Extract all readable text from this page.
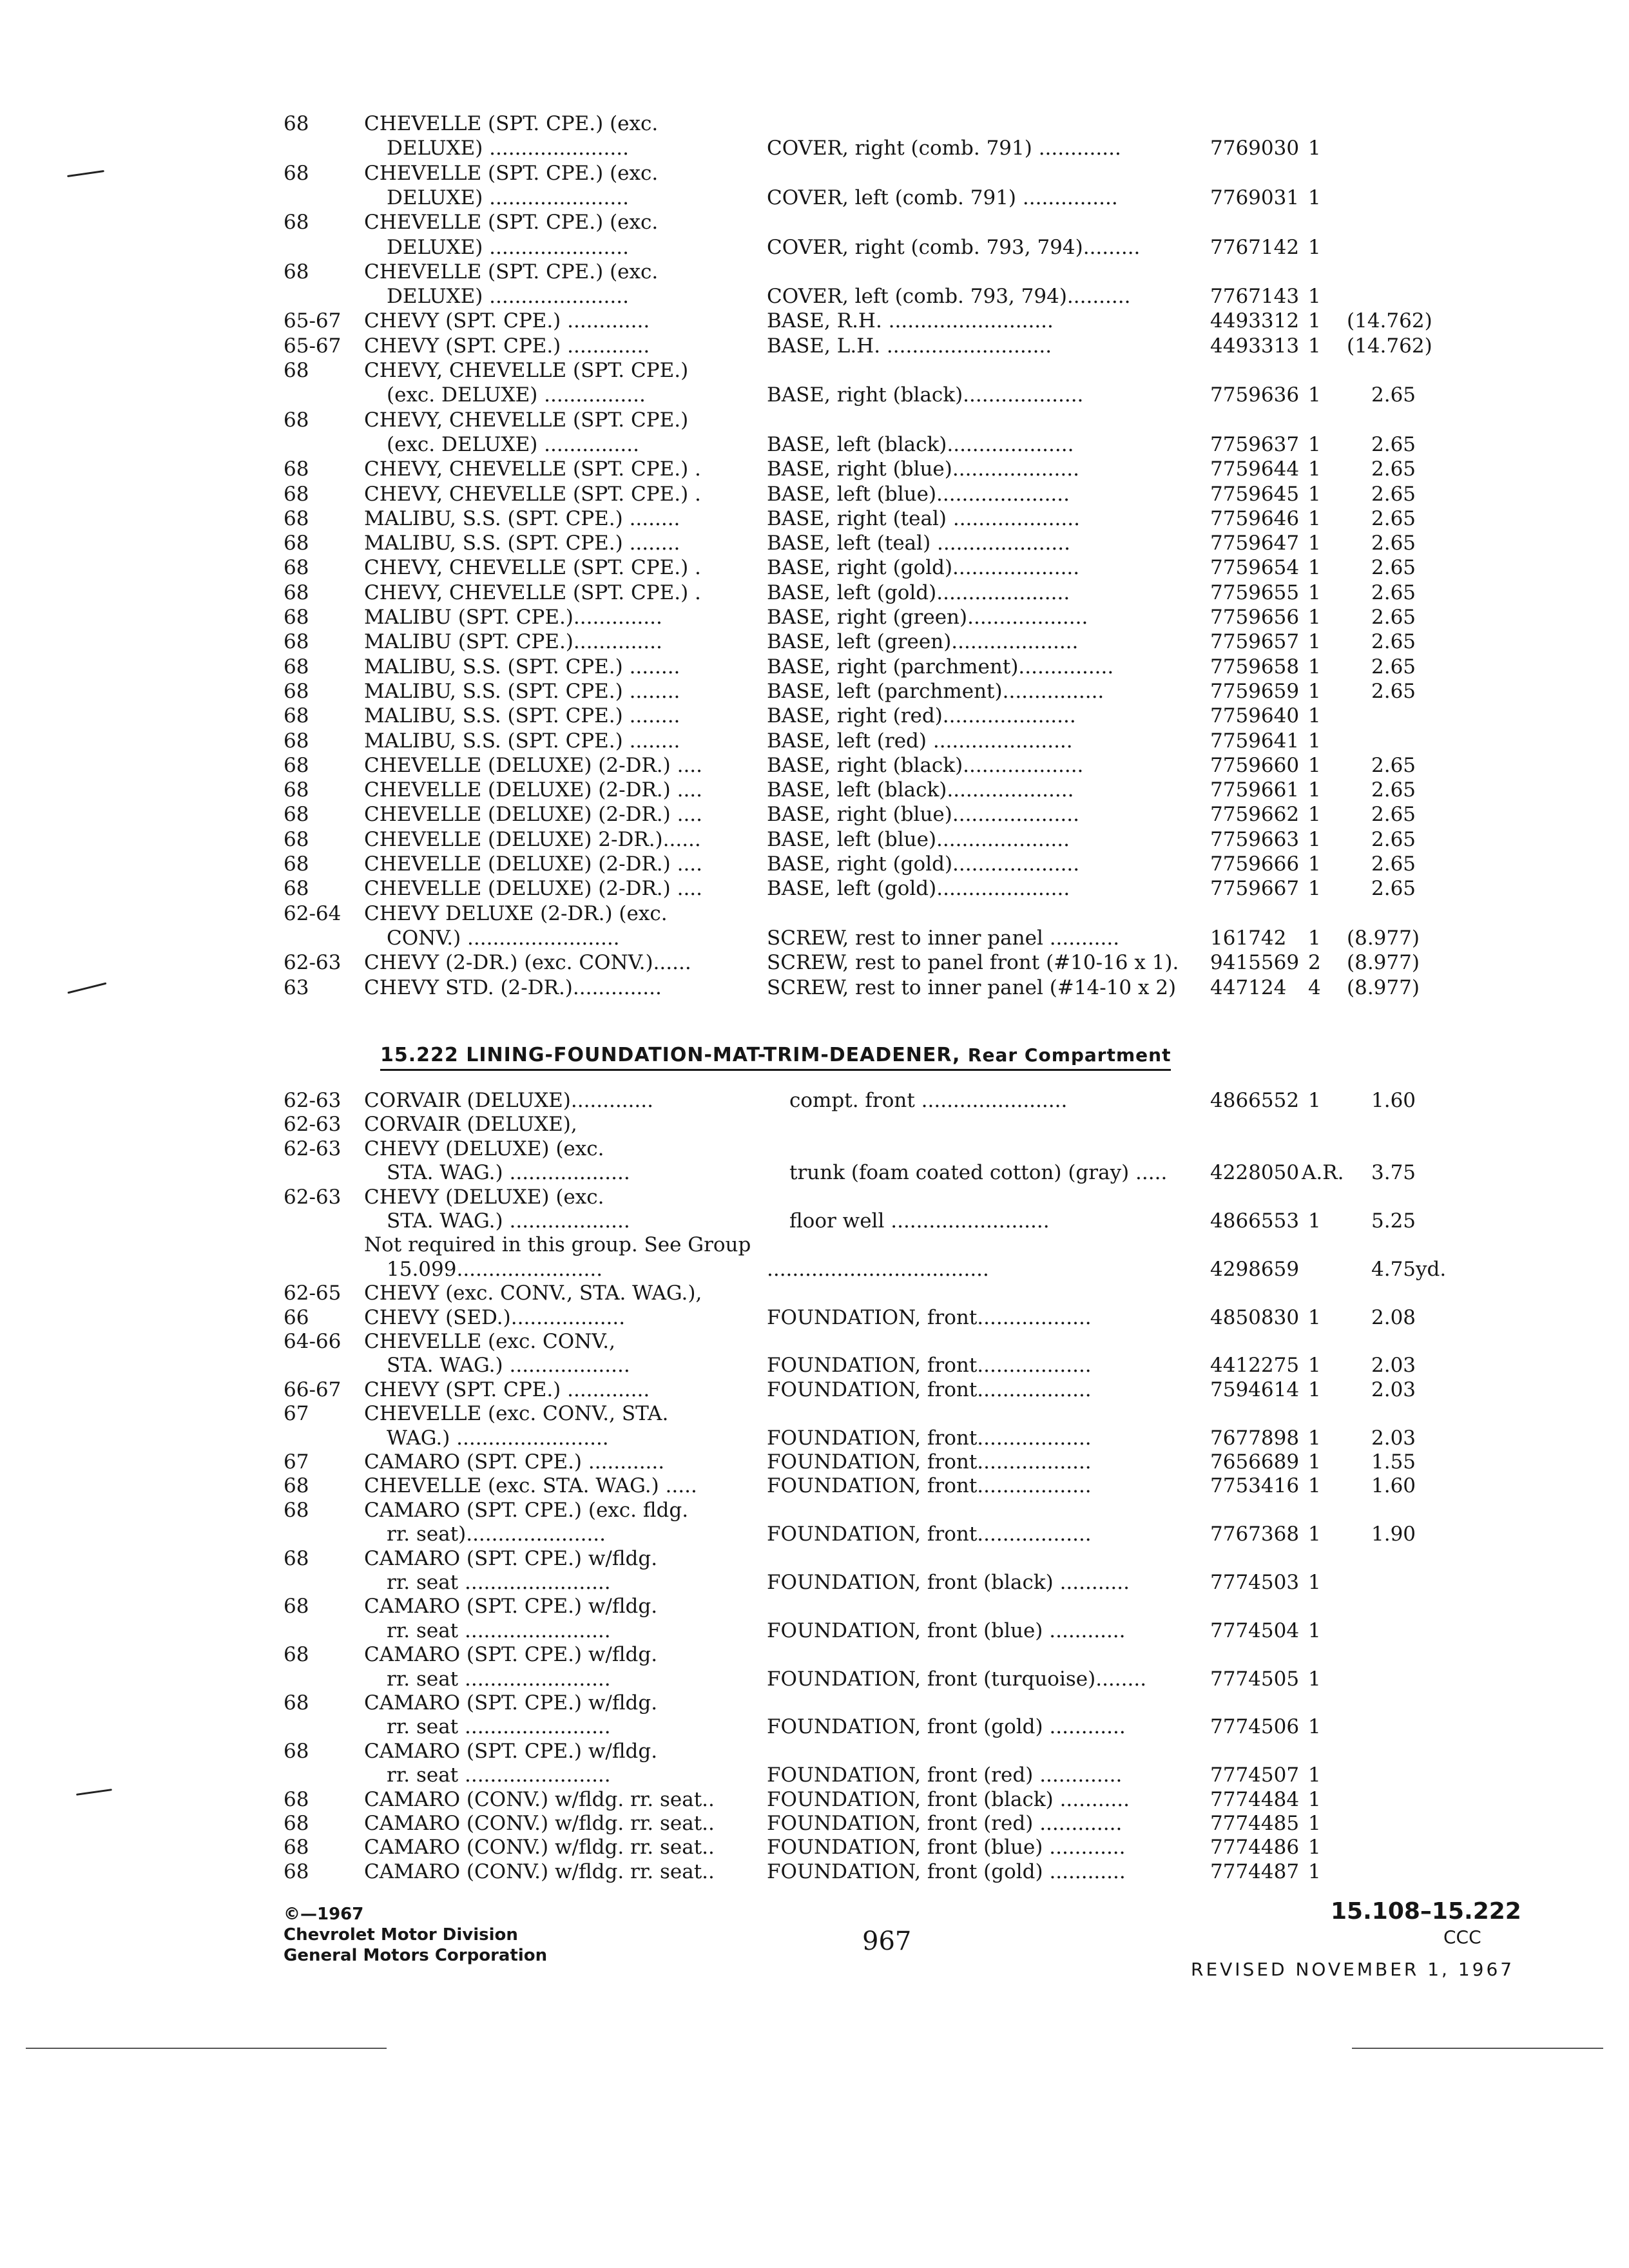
68	CHEVELLE (SPT. CPE.) (exc.
DELUXE) ......................	COVER, right (comb. 791) .............	7769030 1
68	CHEVELLE (SPT. CPE.) (exc.
DELUXE) ......................	COVER, left (comb. 791) ...............	7769031 1
68	CHEVELLE (SPT. CPE.) (exc.
DELUXE) ......................	COVER, right (comb. 793, 794).........	7767142 1
68	CHEVELLE (SPT. CPE.) (exc.
DELUXE) ......................	COVER, left (comb. 793, 794)..........	7767143 1
65-67 CHEVY (SPT. CPE.) .............	BASE, R.H. ..........................	4493312 1 (14.762)
65-67 CHEVY (SPT. CPE.) .............	BASE, L.H. ..........................	4493313 1 (14.762)
68	CHEVY, CHEVELLE (SPT. CPE.)
(exc. DELUXE) ................	BASE, right (black)...................	7759636 1	2.65
68	CHEVY, CHEVELLE (SPT. CPE.)
(exc. DELUXE) ...............	BASE, left (black)....................	7759637 1	2.65
68	CHEVY, CHEVELLE (SPT. CPE.) .	BASE, right (blue)....................	7759644 1	2.65
68	CHEVY, CHEVELLE (SPT. CPE.) .	BASE, left (blue).....................	7759645 1	2.65
68	MALIBU, S.S. (SPT. CPE.) ........	BASE, right (teal) ....................	7759646 1	2.65
68	MALIBU, S.S. (SPT. CPE.) ........	BASE, left (teal) .....................	7759647 1	2.65
68	CHEVY, CHEVELLE (SPT. CPE.) .	BASE, right (gold)....................	7759654 1	2.65
68	CHEVY, CHEVELLE (SPT. CPE.) .	BASE, left (gold).....................	7759655 1	2.65
68	MALIBU (SPT. CPE.)..............	BASE, right (green)...................	7759656 1	2.65
68	MALIBU (SPT. CPE.)..............	BASE, left (green)....................	7759657 1	2.65
68	MALIBU, S.S. (SPT. CPE.) ........	BASE, right (parchment)...............	7759658 1	2.65
68	MALIBU, S.S. (SPT. CPE.) ........	BASE, left (parchment)................	7759659 1	2.65
68	MALIBU, S.S. (SPT. CPE.) ........	BASE, right (red).....................	7759640 1
68	MALIBU, S.S. (SPT. CPE.) ........	BASE, left (red) ......................	7759641 1
68	CHEVELLE (DELUXE) (2-DR.) ....	BASE, right (black)...................	7759660 1	2.65
68	CHEVELLE (DELUXE) (2-DR.) ....	BASE, left (black)....................	7759661 1	2.65
68	CHEVELLE (DELUXE) (2-DR.) ....	BASE, right (blue)....................	7759662 1	2.65
68	CHEVELLE (DELUXE) 2-DR.)......	BASE, left (blue).....................	7759663 1	2.65
68	CHEVELLE (DELUXE) (2-DR.) ....	BASE, right (gold)....................	7759666 1	2.65
68	CHEVELLE (DELUXE) (2-DR.) ....	BASE, left (gold).....................	7759667 1	2.65
62-64 CHEVY DELUXE (2-DR.) (exc.
CONV.) ........................	SCREW, rest to inner panel ...........	161742 1 (8.977)
62-63 CHEVY (2-DR.) (exc. CONV.)......	SCREW, rest to panel front (#10-16 x 1). 9415569 2 (8.977)
63	CHEVY STD. (2-DR.)..............	SCREW, rest to inner panel (#14-10 x 2) 447124 4 (8.977)
15.222 LINING-FOUNDATION-MAT-TRIM-DEADENER, Rear Compartment
62-63 CORVAIR (DELUXE).............	compt. front .......................	4866552 1	1.60
62-63 CORVAIR (DELUXE),
62-63 CHEVY (DELUXE) (exc.
STA. WAG.) ...................	trunk (foam coated cotton) (gray) ..... 4228050 A.R. 3.75
62-63 CHEVY (DELUXE) (exc.
STA. WAG.) ...................	floor well .........................	4866553 1	5.25
Not required in this group. See Group
15.099.......................	...................................	4298659	4.75yd.
62-65 CHEVY (exc. CONV., STA. WAG.),
66	CHEVY (SED.)..................	FOUNDATION, front..................	4850830 1	2.08
64-66 CHEVELLE (exc. CONV.,
STA. WAG.) ...................	FOUNDATION, front..................	4412275 1	2.03
66-67 CHEVY (SPT. CPE.) .............	FOUNDATION, front..................	7594614 1	2.03
67	CHEVELLE (exc. CONV., STA.
WAG.) ........................	FOUNDATION, front..................	7677898 1	2.03
67	CAMARO (SPT. CPE.) ............	FOUNDATION, front..................	7656689 1	1.55
68	CHEVELLE (exc. STA. WAG.) .....	FOUNDATION, front..................	7753416 1	1.60
68	CAMARO (SPT. CPE.) (exc. fldg.
rr. seat)......................	FOUNDATION, front..................	7767368 1	1.90
68	CAMARO (SPT. CPE.) w/fldg.
rr. seat .......................	FOUNDATION, front (black) ...........	7774503 1
68	CAMARO (SPT. CPE.) w/fldg.
rr. seat .......................	FOUNDATION, front (blue) ............	7774504 1
68	CAMARO (SPT. CPE.) w/fldg.
rr. seat .......................	FOUNDATION, front (turquoise)........	7774505 1
68	CAMARO (SPT. CPE.) w/fldg.
rr. seat .......................	FOUNDATION, front (gold) ............	7774506 1
68	CAMARO (SPT. CPE.) w/fldg.
rr. seat .......................	FOUNDATION, front (red) .............	7774507 1
68	CAMARO (CONV.) w/fldg. rr. seat..	FOUNDATION, front (black) ...........	7774484 1
68	CAMARO (CONV.) w/fldg. rr. seat..	FOUNDATION, front (red) .............	7774485 1
68	CAMARO (CONV.) w/fldg. rr. seat..	FOUNDATION, front (blue) ............	7774486 1
68	CAMARO (CONV.) w/fldg. rr. seat..	FOUNDATION, front (gold) ............	7774487 1
©—1967
Chevrolet Motor Division
General Motors Corporation	967
15.108–15.222
CCC
REVISED NOVEMBER 1, 1967
